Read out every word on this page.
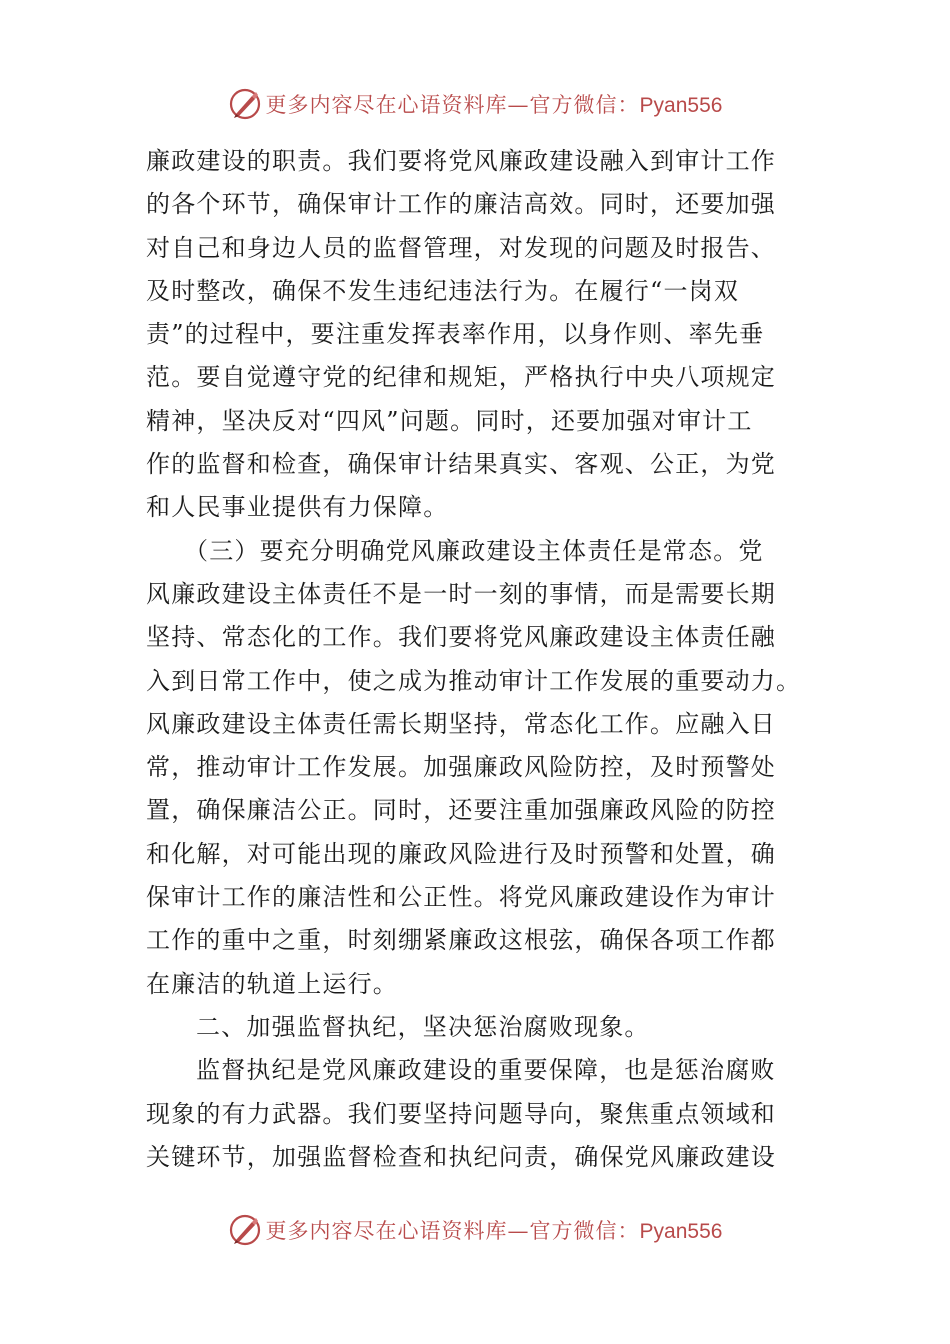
更多内容尽在心语资料库—官方微信：Pyan556
廉政建设的职责。我们要将党风廉政建设融入到审计工作
的各个环节，确保审计工作的廉洁高效。同时，还要加强
对自己和身边人员的监督管理，对发现的问题及时报告、
及时整改，确保不发生违纪违法行为。在履行“一岗双
责”的过程中，要注重发挥表率作用，以身作则、率先垂
范。要自觉遵守党的纪律和规矩，严格执行中央八项规定
精神，坚决反对“四风”问题。同时，还要加强对审计工
作的监督和检查，确保审计结果真实、客观、公正，为党
和人民事业提供有力保障。
（三）要充分明确党风廉政建设主体责任是常态。党
风廉政建设主体责任不是一时一刻的事情，而是需要长期
坚持、常态化的工作。我们要将党风廉政建设主体责任融
入到日常工作中，使之成为推动审计工作发展的重要动力。
风廉政建设主体责任需长期坚持，常态化工作。应融入日
常，推动审计工作发展。加强廉政风险防控，及时预警处
置，确保廉洁公正。同时，还要注重加强廉政风险的防控
和化解，对可能出现的廉政风险进行及时预警和处置，确
保审计工作的廉洁性和公正性。将党风廉政建设作为审计
工作的重中之重，时刻绷紧廉政这根弦，确保各项工作都
在廉洁的轨道上运行。
二、加强监督执纪，坚决惩治腐败现象。
监督执纪是党风廉政建设的重要保障，也是惩治腐败
现象的有力武器。我们要坚持问题导向，聚焦重点领域和
关键环节，加强监督检查和执纪问责，确保党风廉政建设
更多内容尽在心语资料库—官方微信：Pyan556
